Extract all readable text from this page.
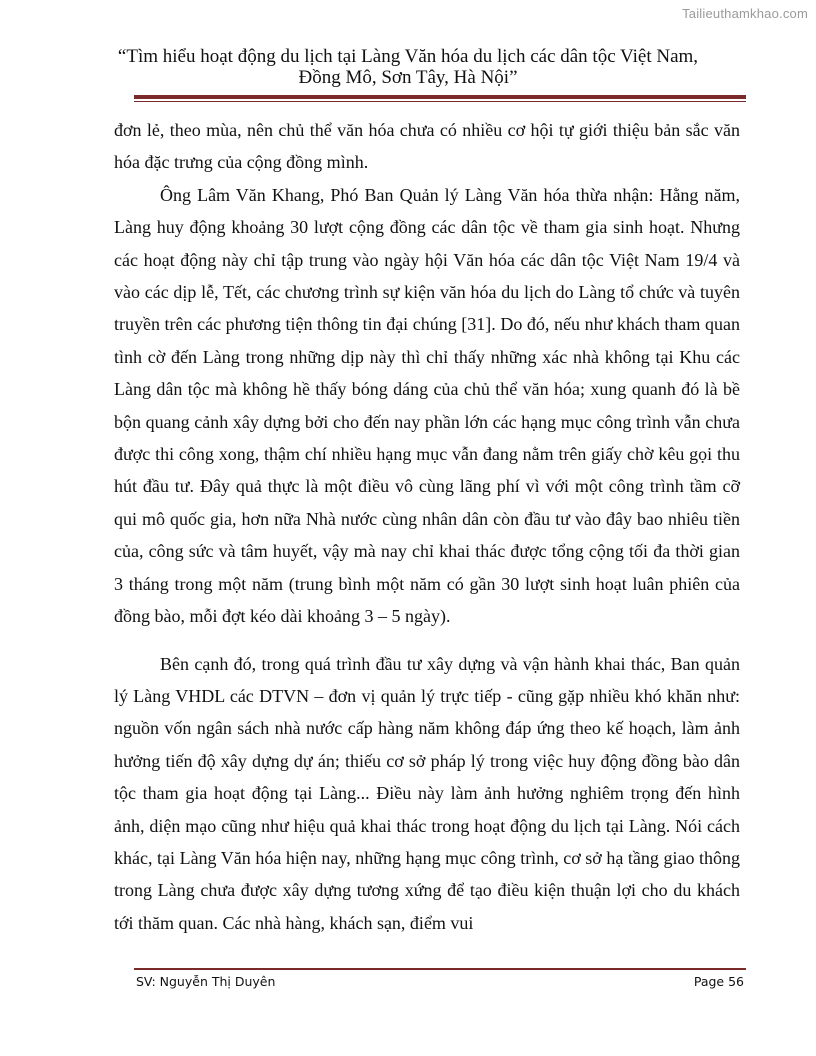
Tailieuthamkhao.com
“Tìm hiểu hoạt động du lịch tại Làng Văn hóa du lịch các dân tộc Việt Nam,
Đồng Mô, Sơn Tây, Hà Nội”

đơn lẻ, theo mùa, nên chủ thể văn hóa chưa có nhiều cơ hội tự giới thiệu bản sắc văn hóa đặc trưng của cộng đồng mình.

Ông Lâm Văn Khang, Phó Ban Quản lý Làng Văn hóa thừa nhận: Hằng năm, Làng huy động khoảng 30 lượt cộng đồng các dân tộc về tham gia sinh hoạt. Nhưng các hoạt động này chỉ tập trung vào ngày hội Văn hóa các dân tộc Việt Nam 19/4 và vào các dịp lễ, Tết, các chương trình sự kiện văn hóa du lịch do Làng tổ chức và tuyên truyền trên các phương tiện thông tin đại chúng [31]. Do đó, nếu như khách tham quan tình cờ đến Làng trong những dịp này thì chỉ thấy những xác nhà không tại Khu các Làng dân tộc mà không hề thấy bóng dáng của chủ thể văn hóa; xung quanh đó là bề bộn quang cảnh xây dựng bởi cho đến nay phần lớn các hạng mục công trình vẫn chưa được thi công xong, thậm chí nhiều hạng mục vẫn đang nằm trên giấy chờ kêu gọi thu hút đầu tư. Đây quả thực là một điều vô cùng lãng phí vì với một công trình tầm cỡ qui mô quốc gia, hơn nữa Nhà nước cùng nhân dân còn đầu tư vào đây bao nhiêu tiền của, công sức và tâm huyết, vậy mà nay chỉ khai thác được tổng cộng tối đa thời gian 3 tháng trong một năm (trung bình một năm có gần 30 lượt sinh hoạt luân phiên của đồng bào, mỗi đợt kéo dài khoảng 3 – 5 ngày).

Bên cạnh đó, trong quá trình đầu tư xây dựng và vận hành khai thác, Ban quản lý Làng VHDL các DTVN – đơn vị quản lý trực tiếp - cũng gặp nhiều khó khăn như: nguồn vốn ngân sách nhà nước cấp hàng năm không đáp ứng theo kế hoạch, làm ảnh hưởng tiến độ xây dựng dự án; thiếu cơ sở pháp lý trong việc huy động đồng bào dân tộc tham gia hoạt động tại Làng... Điều này làm ảnh hưởng nghiêm trọng đến hình ảnh, diện mạo cũng như hiệu quả khai thác trong hoạt động du lịch tại Làng. Nói cách khác, tại Làng Văn hóa hiện nay, những hạng mục công trình, cơ sở hạ tầng giao thông trong Làng chưa được xây dựng tương xứng để tạo điều kiện thuận lợi cho du khách tới thăm quan. Các nhà hàng, khách sạn, điểm vui

SV: Nguyễn Thị Duyên	Page 56
